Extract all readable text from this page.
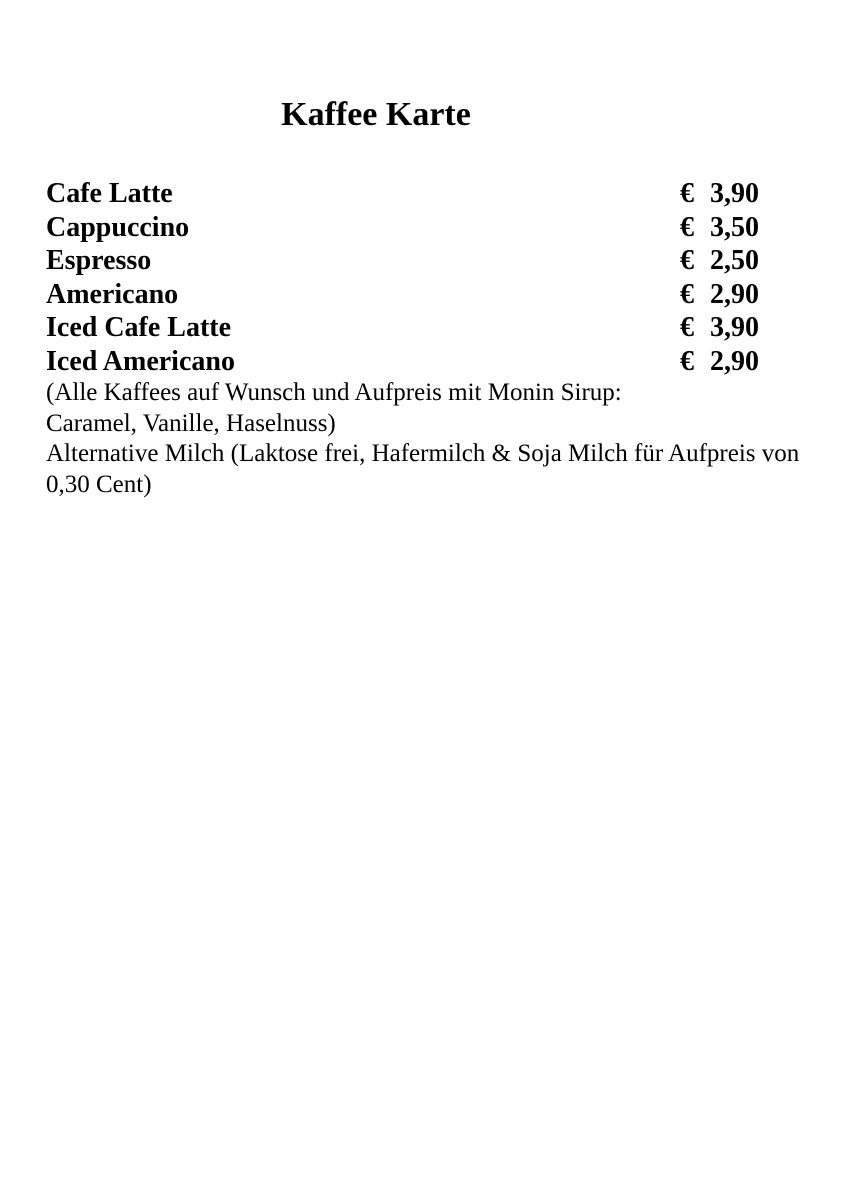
Kaffee Karte
Cafe Latte	€ 3,90
Cappuccino	€ 3,50
Espresso	€ 2,50
Americano	€ 2,90
Iced Cafe Latte	€ 3,90
Iced Americano	€ 2,90

(Alle Kaffees auf Wunsch und Aufpreis mit Monin Sirup: Caramel, Vanille, Haselnuss)

Alternative Milch (Laktose frei, Hafermilch & Soja Milch für Aufpreis von 0,30 Cent)
